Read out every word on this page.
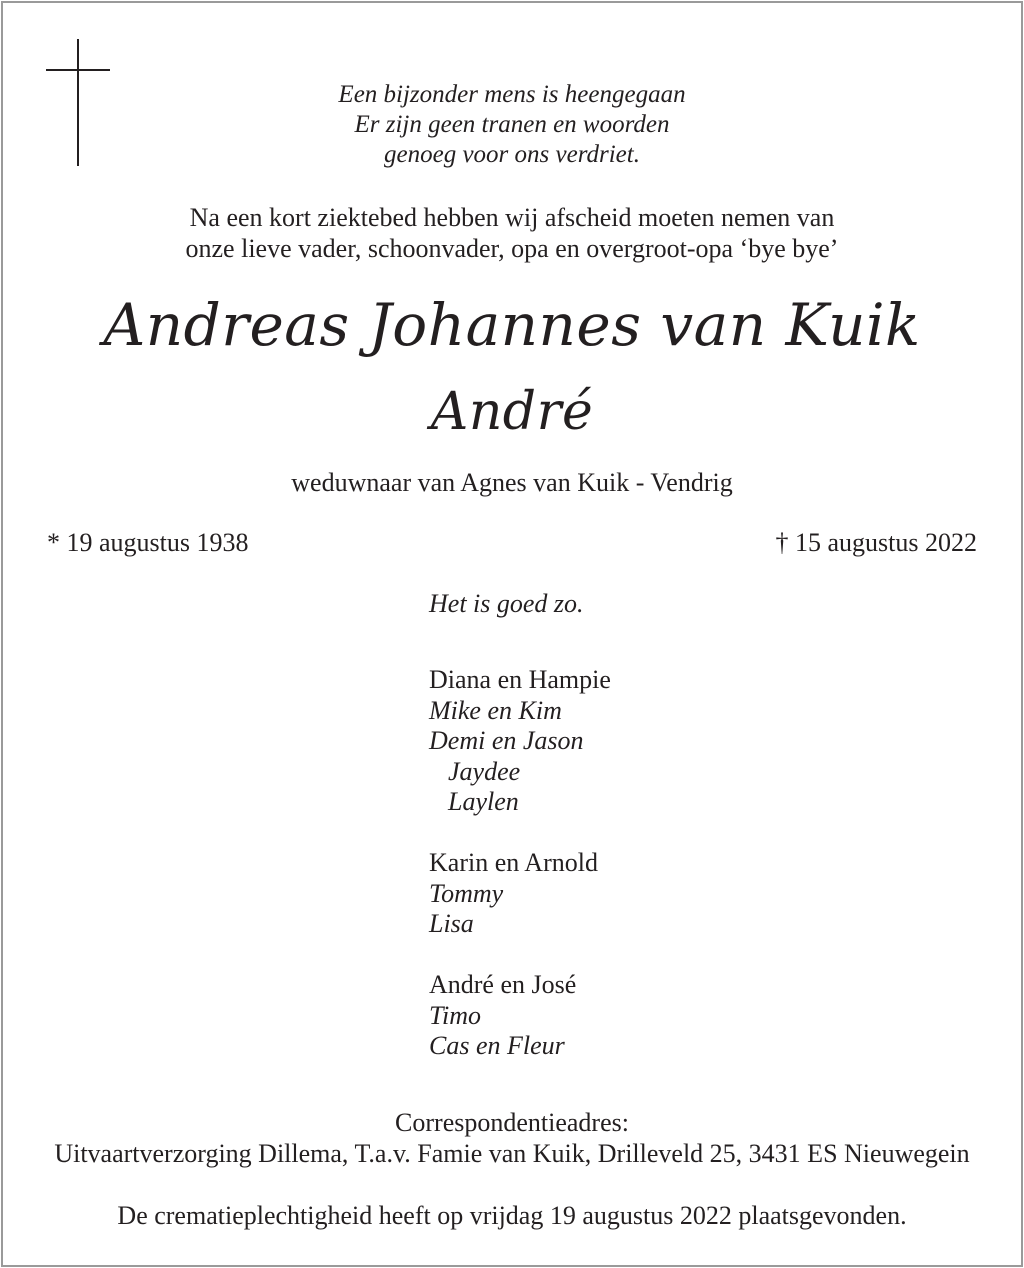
Een bijzonder mens is heengegaan
Er zijn geen tranen en woorden
genoeg voor ons verdriet.
Na een kort ziektebed hebben wij afscheid moeten nemen van
onze lieve vader, schoonvader, opa en overgroot-opa ‘bye bye’
Andreas Johannes van Kuik
André
weduwnaar van Agnes van Kuik - Vendrig
* 19 augustus 1938	† 15 augustus 2022
Het is goed zo.
Diana en Hampie
Mike en Kim
Demi en Jason
Jaydee
Laylen
Karin en Arnold
Tommy
Lisa
André en José
Timo
Cas en Fleur
Correspondentieadres:
Uitvaartverzorging Dillema, T.a.v. Famie van Kuik, Drilleveld 25, 3431 ES Nieuwegein
De crematieplechtigheid heeft op vrijdag 19 augustus 2022 plaatsgevonden.
